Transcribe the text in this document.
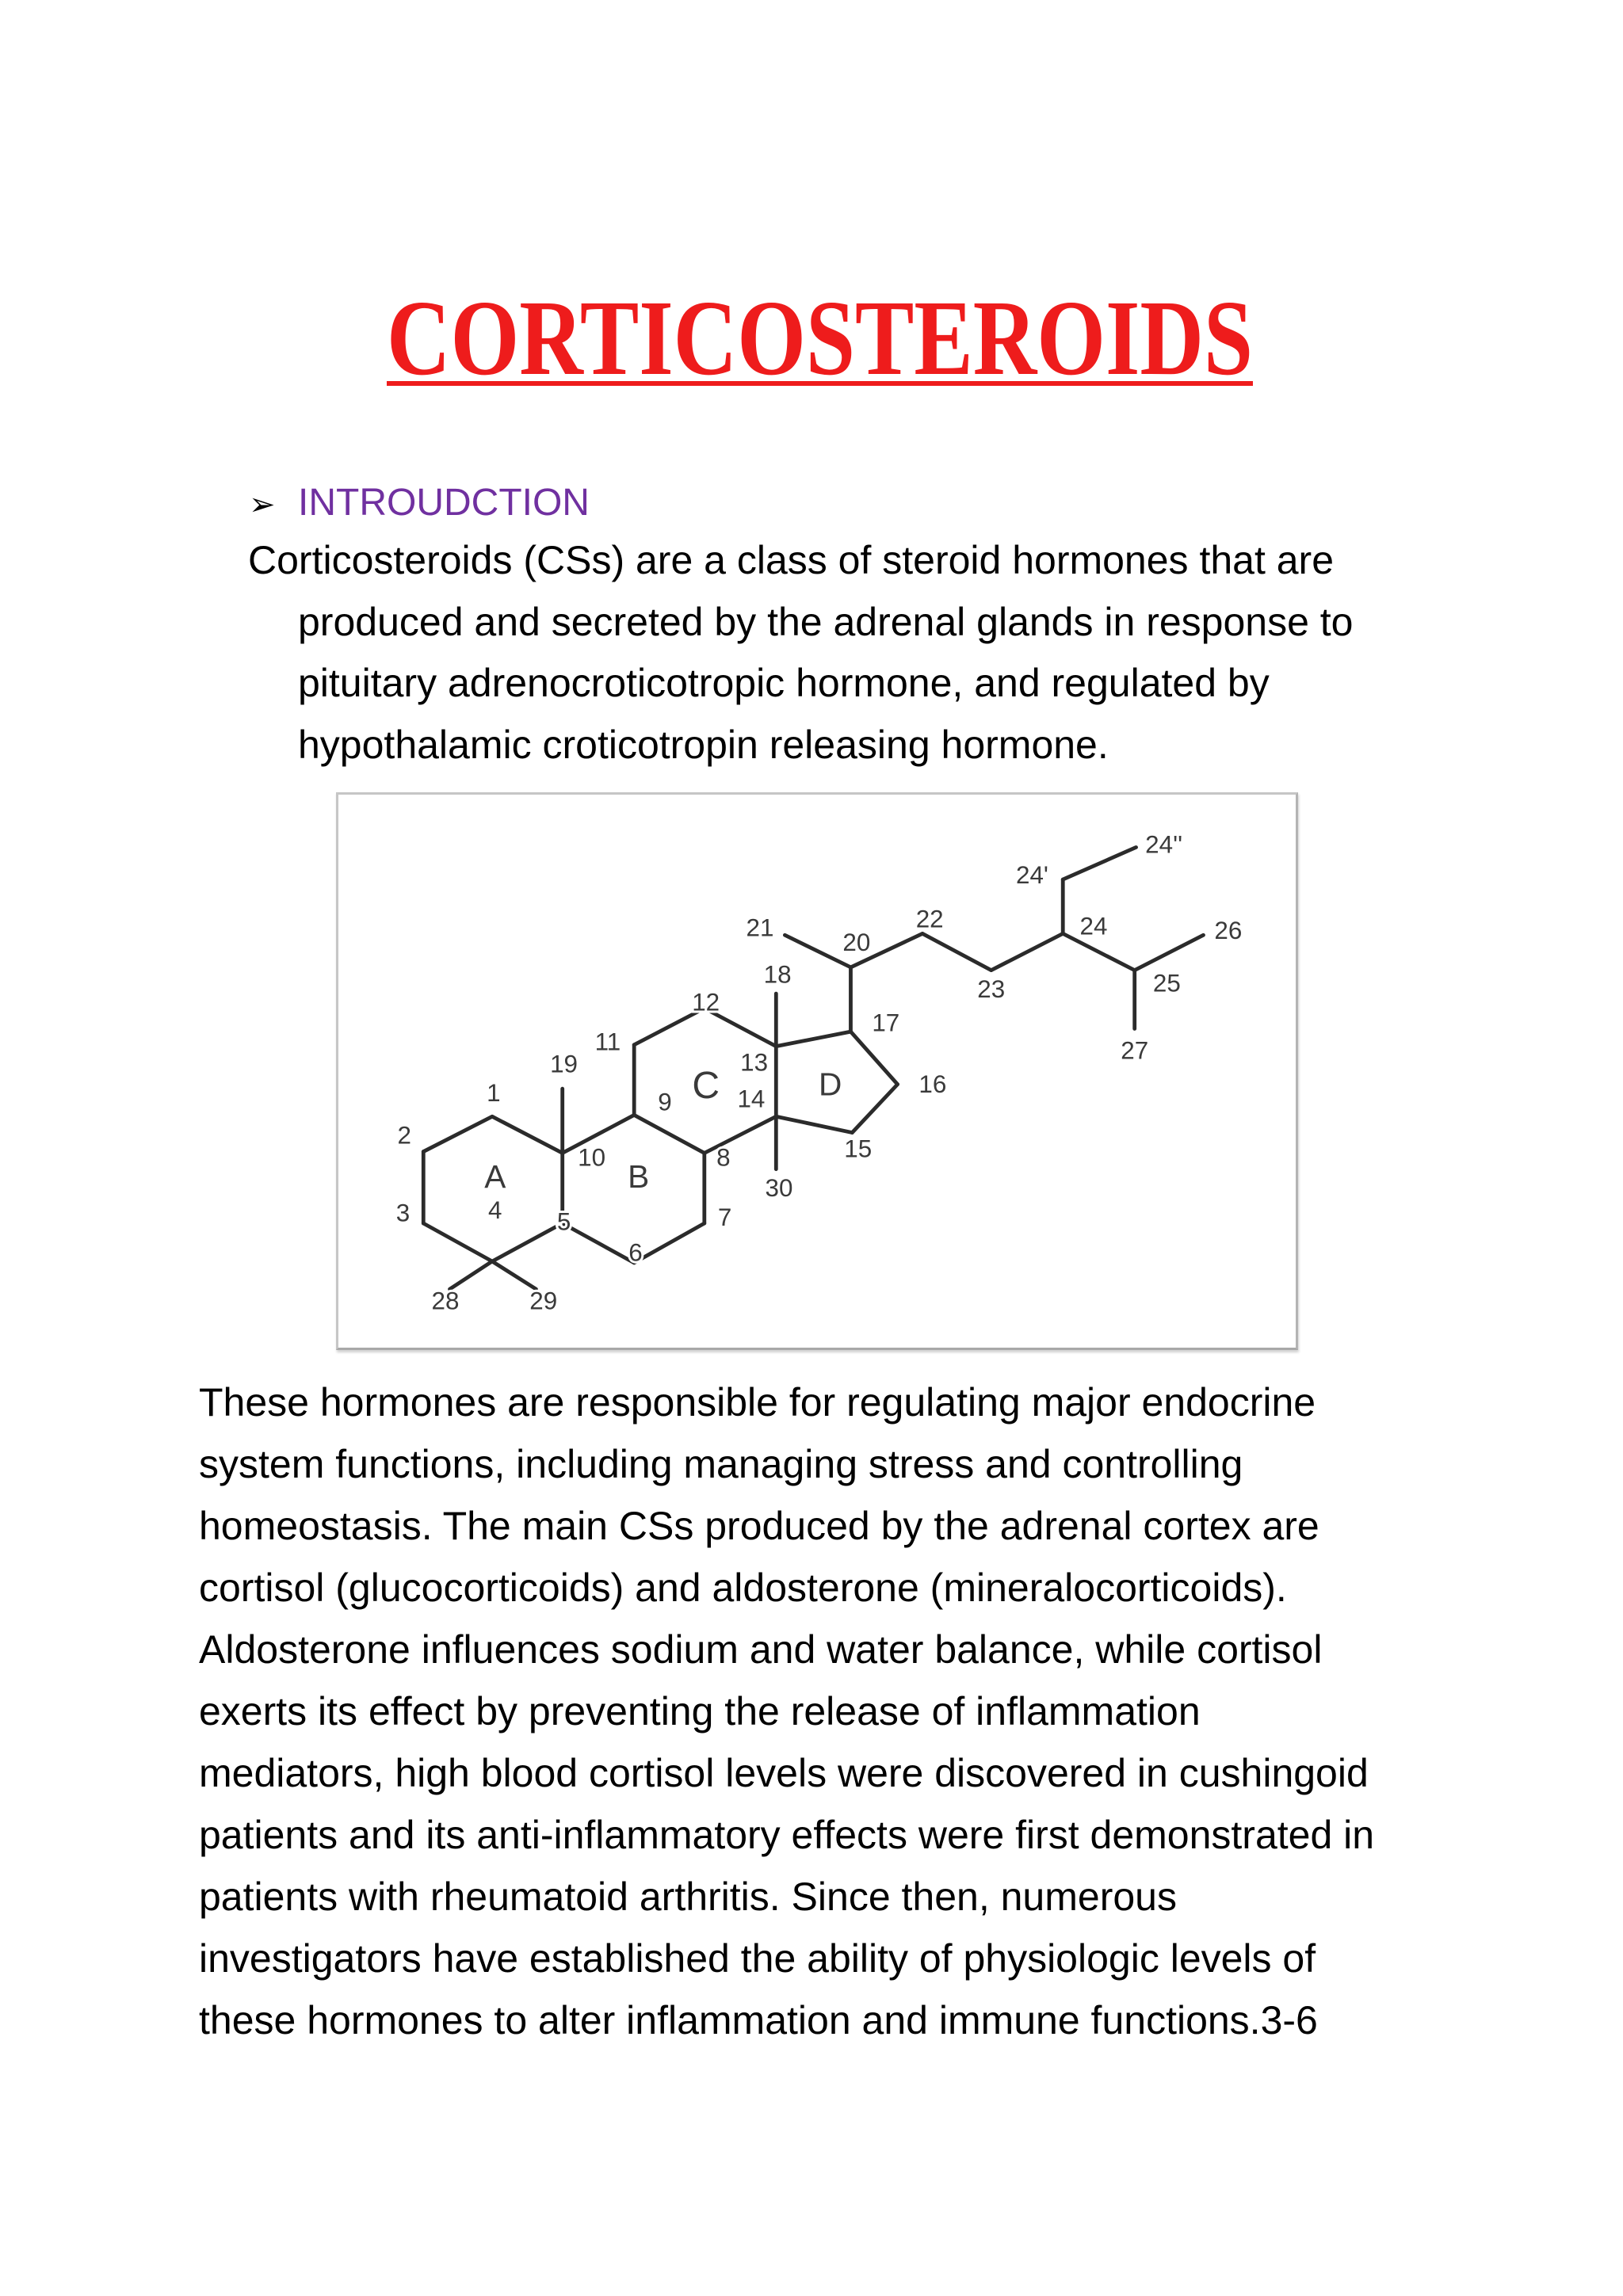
CORTICOSTEROIDS
➢ INTROUDCTION
Corticosteroids (CSs) are a class of steroid hormones that are
produced and secreted by the adrenal glands in response to
pituitary adrenocroticotropic hormone, and regulated by
hypothalamic croticotropin releasing hormone.
A	B
C	D
1
2
3	4	5
6
7
8
9
10
11
12
13
14
15
16
17
18
19
20
21	22
23
24
24'
24''
25
26
27
28	29
30
These hormones are responsible for regulating major endocrine
system functions, including managing stress and controlling
homeostasis. The main CSs produced by the adrenal cortex are
cortisol (glucocorticoids) and aldosterone (mineralocorticoids).
Aldosterone influences sodium and water balance, while cortisol
exerts its effect by preventing the release of inflammation
mediators, high blood cortisol levels were discovered in cushingoid
patients and its anti-inflammatory effects were first demonstrated in
patients with rheumatoid arthritis. Since then, numerous
investigators have established the ability of physiologic levels of
these hormones to alter inflammation and immune functions.3-6
